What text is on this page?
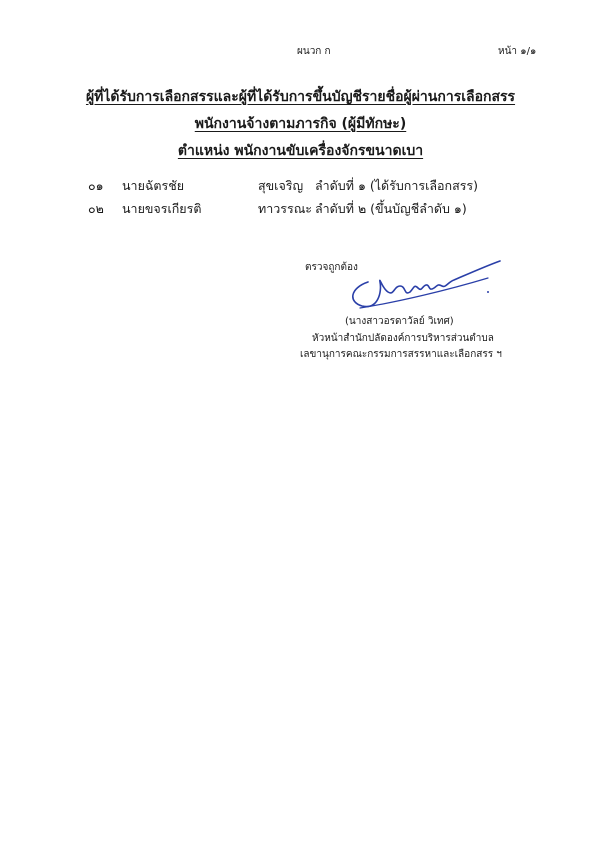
ผนวก ก	หน้า ๑/๑
ผู้ที่ได้รับการเลือกสรรและผู้ที่ได้รับการขึ้นบัญชีรายชื่อผู้ผ่านการเลือกสรร
พนักงานจ้างตามภารกิจ (ผู้มีทักษะ)
ตำแหน่ง พนักงานขับเครื่องจักรขนาดเบา
๐๑ นายฉัตรชัย	สุขเจริญ ลำดับที่ ๑ (ได้รับการเลือกสรร)
๐๒ นายขจรเกียรติ	ทาวรรณะ ลำดับที่ ๒ (ขึ้นบัญชีลำดับ ๑)
ตรวจถูกต้อง
(นางสาวอรดาวัลย์ วิเทศ)
หัวหน้าสำนักปลัดองค์การบริหารส่วนตำบล
เลขานุการคณะกรรมการสรรหาและเลือกสรร ฯ
